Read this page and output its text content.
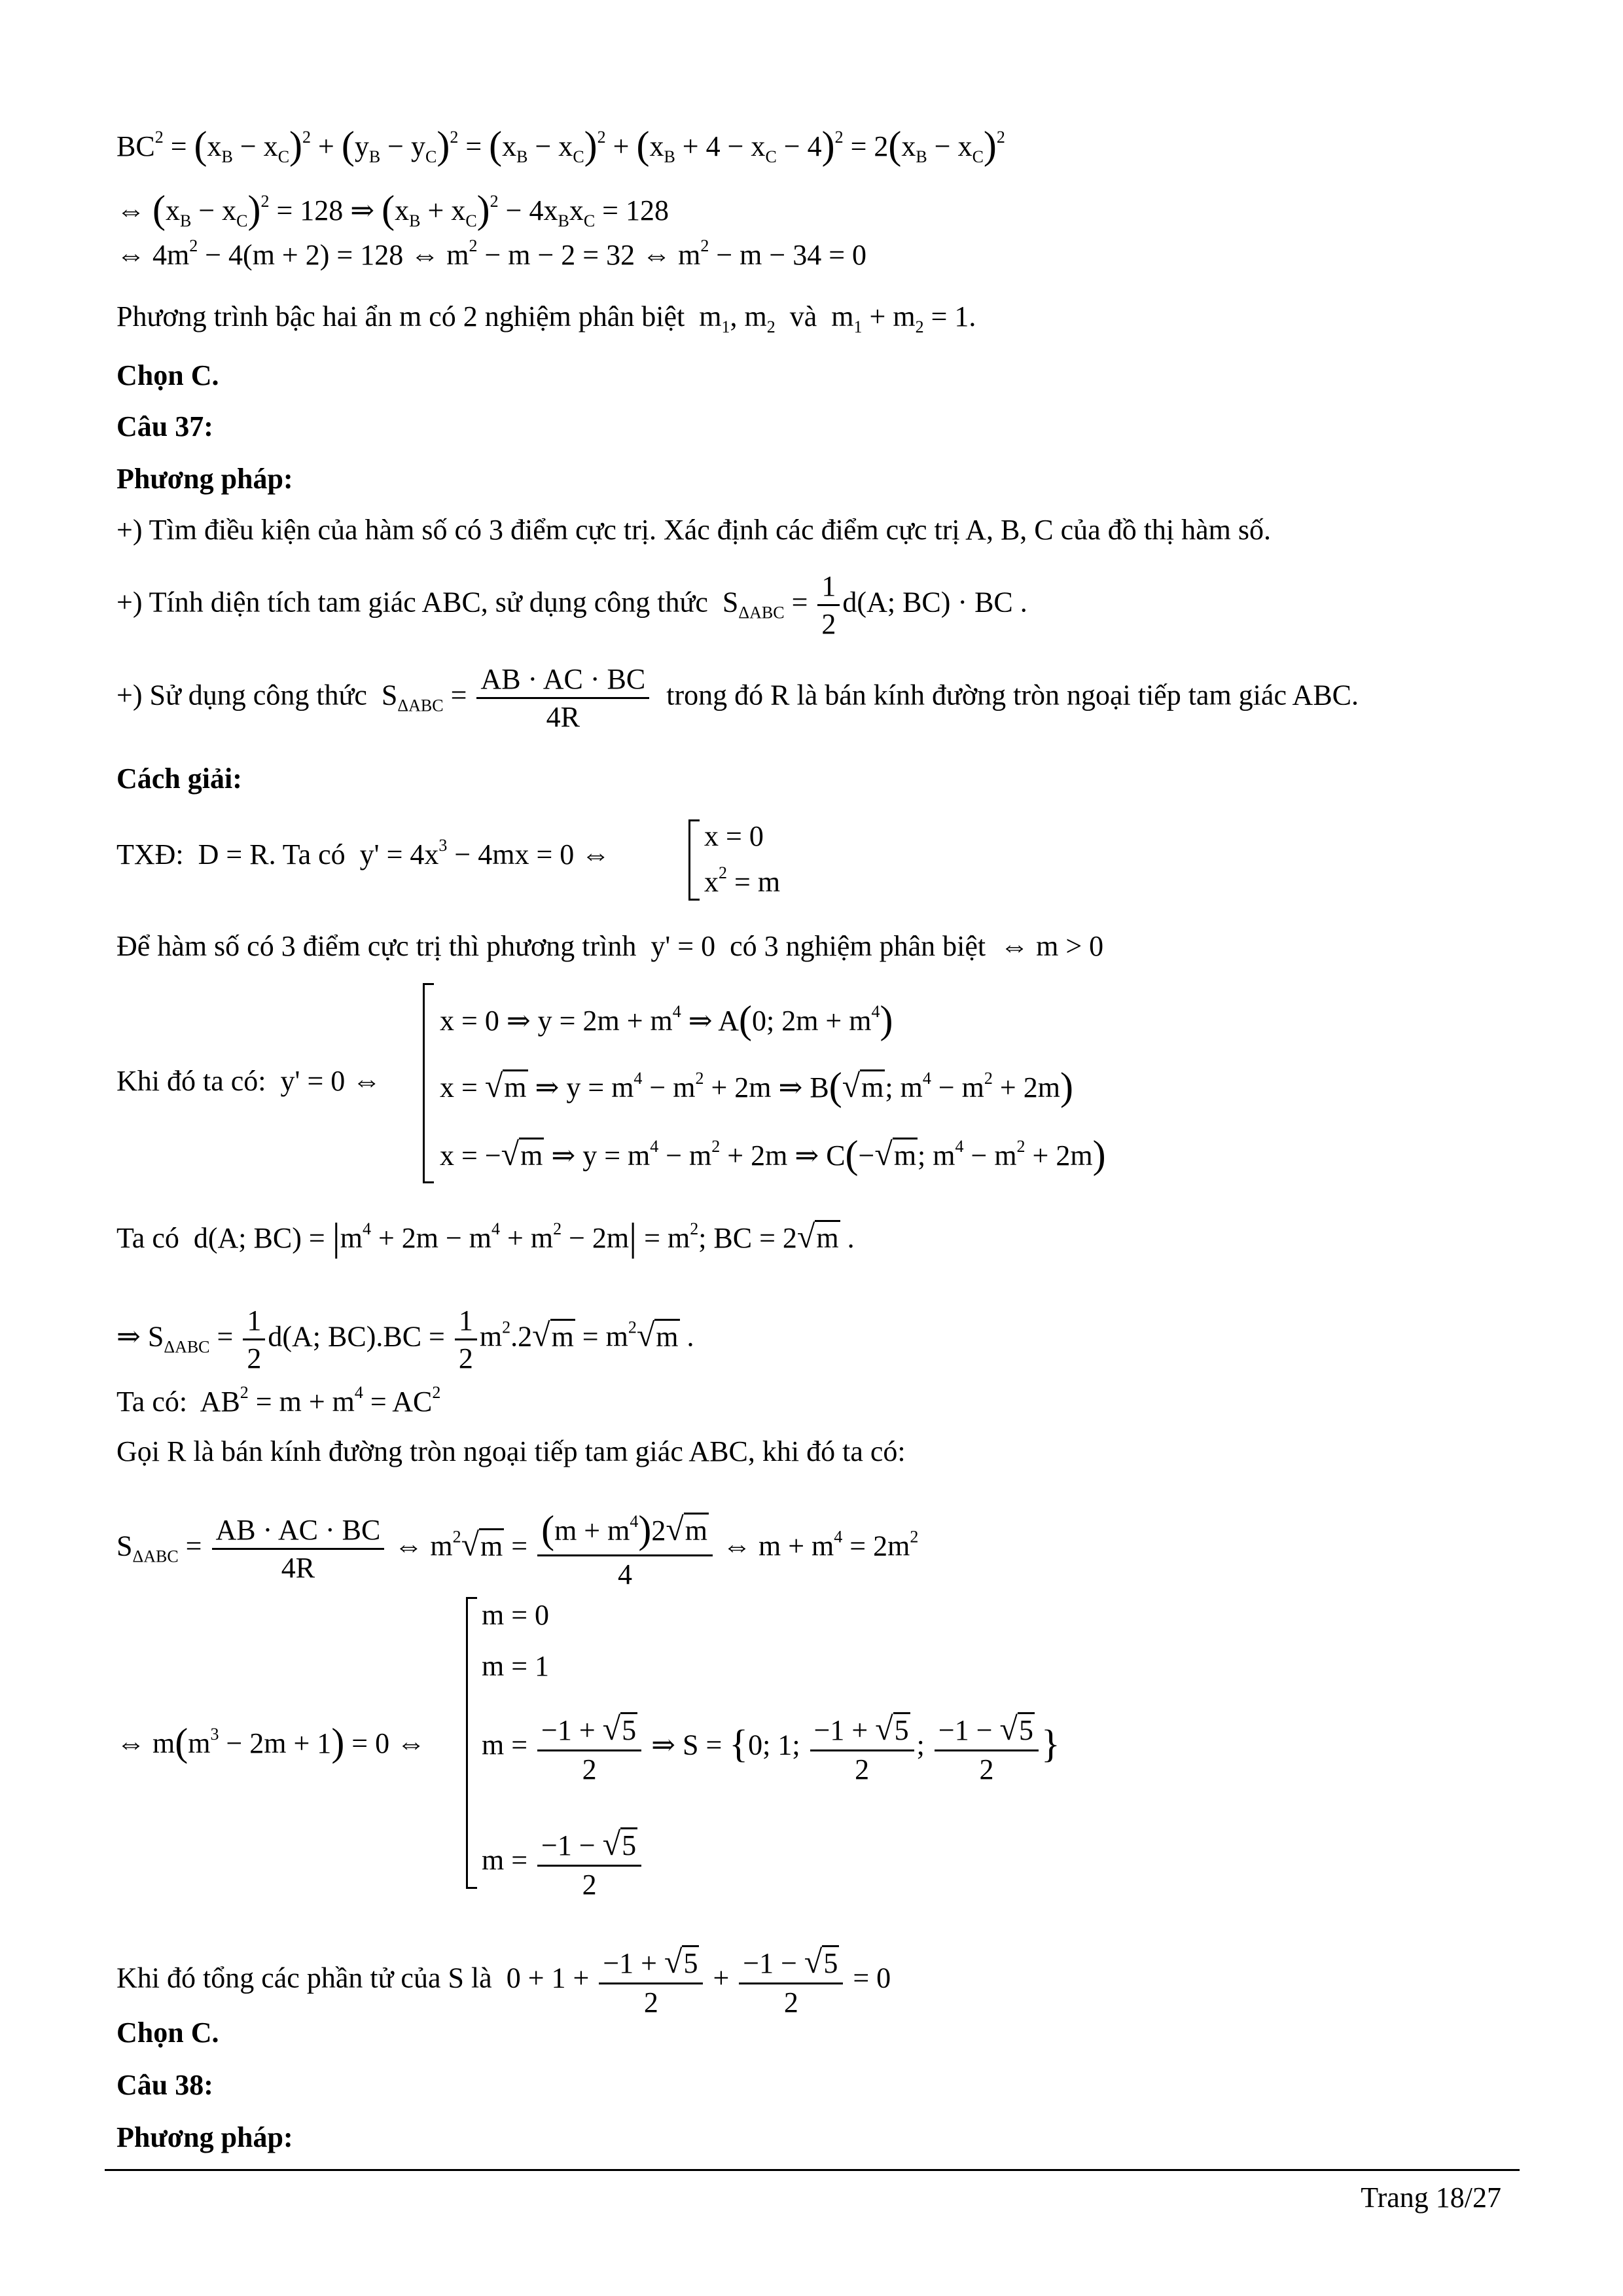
$BC^2 = (x_B - x_C)^2 + (y_B - y_C)^2 = (x_B - x_C)^2 + (x_B + 4 - x_C - 4)^2 = 2(x_B - x_C)^2$
⇔ $(x_B - x_C)^2 = 128$ ⇒ $(x_B + x_C)^2 - 4x_Bx_C = 128$
⇔ $4m^2 - 4(m + 2) = 128$ ⇔ $m^2 - m - 2 = 32$ ⇔ $m^2 - m - 34 = 0$
Phương trình bậc hai ẩn m có 2 nghiệm phân biệt  $m_1$, $m_2$ và  $m_1 + m_2 = 1$.
Chọn C.
Câu 37:
Phương pháp:
+) Tìm điều kiện của hàm số có 3 điểm cực trị. Xác định các điểm cực trị A, B, C của đồ thị hàm số.
+) Tính diện tích tam giác ABC, sử dụng công thức  $S_{\Delta ABC} = \frac{1}{2} d(A$; BC) · BC .
+) Sử dụng công thức  $S_{\Delta ABC} = \frac{AB \cdot AC \cdot BC}{4R}$ trong đó R là bán kính đường tròn ngoại tiếp tam giác ABC.
Cách giải:
TXĐ:  D = R. Ta có  $y' = 4x^3 - 4mx = 0$ ⇔
x = 0
$x^2 = m$
Để hàm số có 3 điểm cực trị thì phương trình  y' = 0  có 3 nghiệm phân biệt  ⇔ m > 0
Khi đó ta có:  y' = 0 ⇔
x = 0 ⇒ $y = 2m + m^4$ ⇒ A(0; $2m + m^4$)
x = √m ⇒ $y = m^4 - m^2 + 2m$ ⇒ B(√m; $m^4 - m^2 + 2m$)
x = −√m ⇒ $y = m^4 - m^2 + 2m$ ⇒ C(−√m; $m^4 - m^2 + 2m$)
Ta có  d(A; $BC) = |m^4 + 2m - m^4 + m^2 - 2m| = m^2$; BC = 2√m .
⇒ $S_{\Delta ABC} = \frac{1}{2} d(A$; $BC).BC = \frac{1}{2} m^2.2√m = m^2√m$ .
Ta có:  $AB^2 = m + m^4 = AC^2$
Gọi R là bán kính đường tròn ngoại tiếp tam giác ABC, khi đó ta có:
$S_{\Delta ABC} = \frac{AB \cdot AC \cdot BC}{4R}$ ⇔ $m^2√m = \frac{(m + m^4)2√m}{4}$ ⇔ $m + m^4 = 2m^2$
⇔ $m(m^3 - 2m + 1) = 0$ ⇔
m = 0
m = 1
$m = \frac{-1 + √5}{2}$ ⇒ S = {0; 1; $\frac{-1 + √5}{2}$ ; $\frac{-1 - √5}{2}$ }
$m = \frac{-1 - √5}{2}$
Khi đó tổng các phần tử của S là  $0 + 1 + \frac{-1 + √5}{2} + \frac{-1 - √5}{2} = 0$
Chọn C.
Câu 38:
Phương pháp:
Trang 18/27
